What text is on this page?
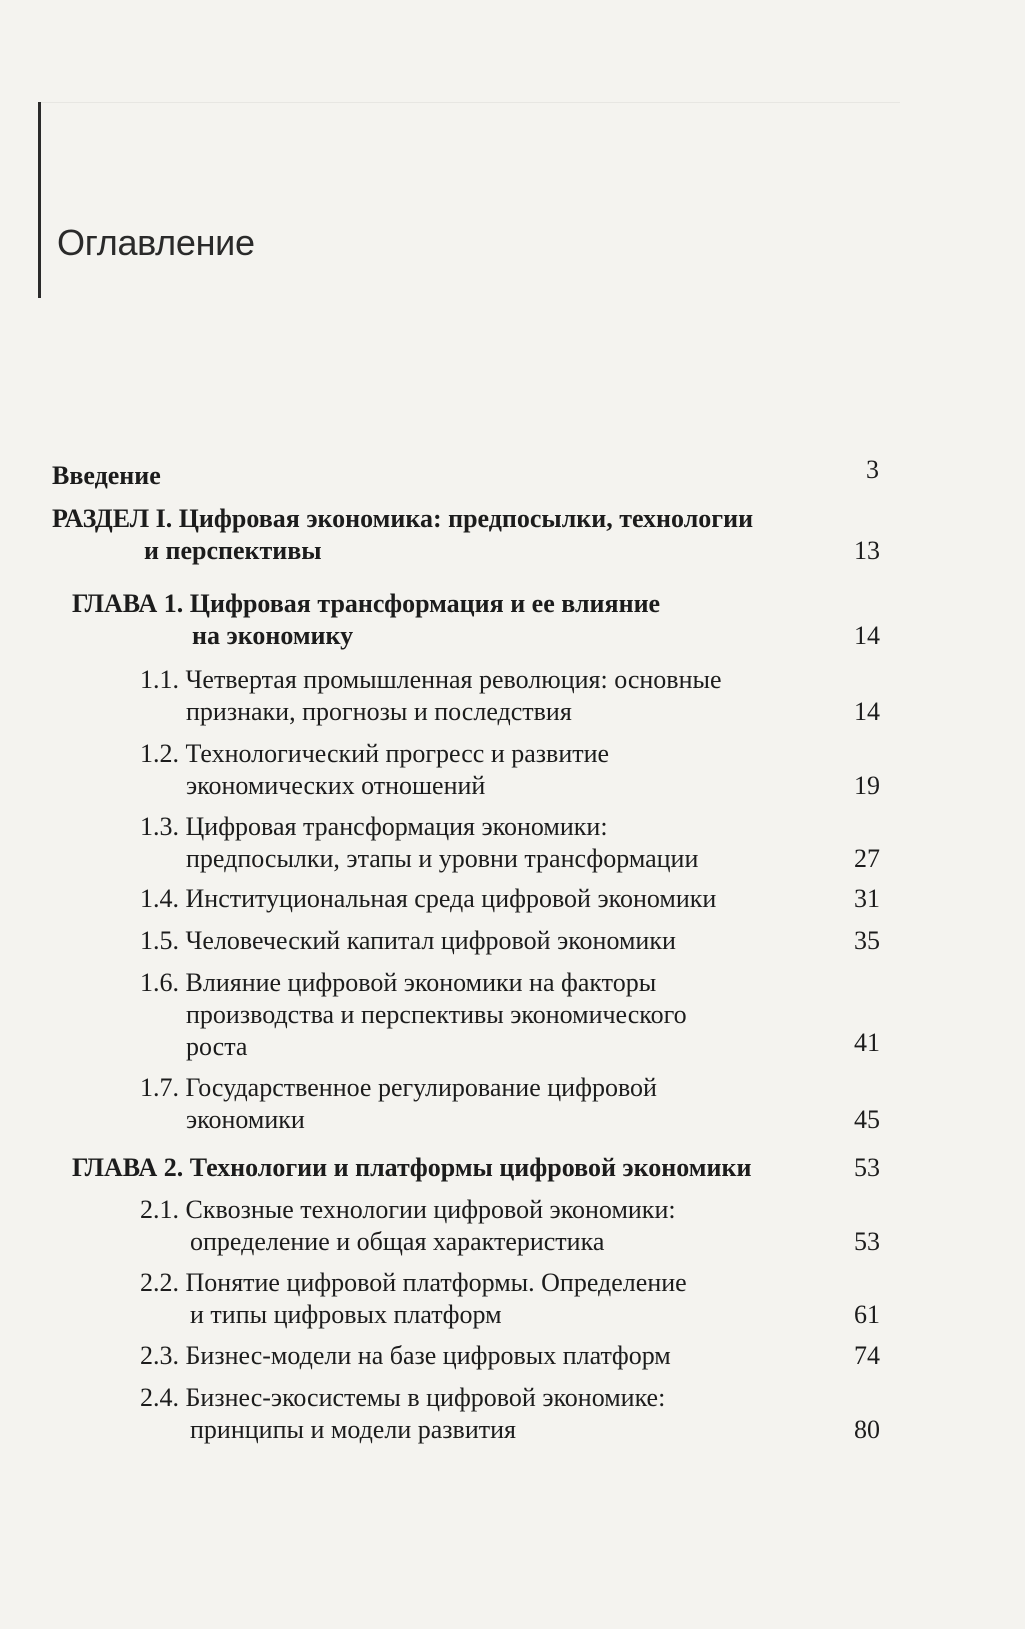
Оглавление
Введение	3
РАЗДЕЛ I. Цифровая экономика: предпосылки, технологии
и перспективы	13
ГЛАВА 1. Цифровая трансформация и ее влияние
на экономику	14
1.1. Четвертая промышленная революция: основные
признаки, прогнозы и последствия	14
1.2. Технологический прогресс и развитие
экономических отношений	19
1.3. Цифровая трансформация экономики:
предпосылки, этапы и уровни трансформации	27
1.4. Институциональная среда цифровой экономики	31
1.5. Человеческий капитал цифровой экономики	35
1.6. Влияние цифровой экономики на факторы
производства и перспективы экономического
роста	41
1.7. Государственное регулирование цифровой
экономики	45
ГЛАВА 2. Технологии и платформы цифровой экономики	53
2.1. Сквозные технологии цифровой экономики:
определение и общая характеристика	53
2.2. Понятие цифровой платформы. Определение
и типы цифровых платформ	61
2.3. Бизнес-модели на базе цифровых платформ	74
2.4. Бизнес-экосистемы в цифровой экономике:
принципы и модели развития	80
